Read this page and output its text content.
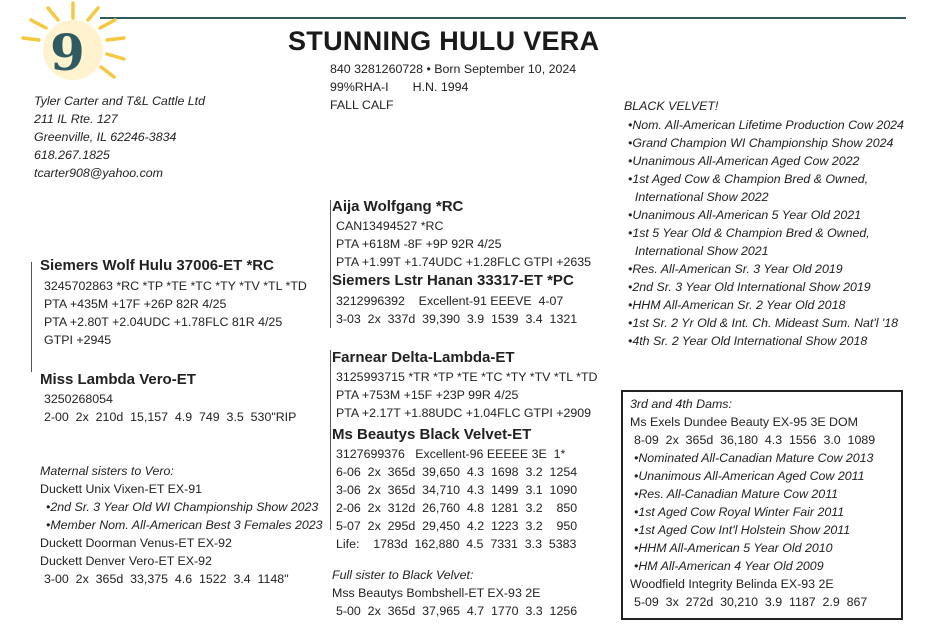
9	STUNNING HULU VERA
840 3281260728 • Born September 10, 2024
99%RHA-I       H.N. 1994
FALL CALF
Tyler Carter and T&L Cattle Ltd
211 IL Rte. 127
Greenville, IL 62246-3834
618.267.1825
tcarter908@yahoo.com
Siemers Wolf Hulu 37006-ET *RC
3245702863 *RC *TP *TE *TC *TY *TV *TL *TD
PTA +435M +17F +26P 82R 4/25
PTA +2.80T +2.04UDC +1.78FLC 81R 4/25
GTPI +2945
Aija Wolfgang *RC
CAN13494527 *RC
PTA +618M -8F +9P 92R 4/25
PTA +1.99T +1.74UDC +1.28FLC GTPI +2635
Siemers Lstr Hanan 33317-ET *PC
3212996392    Excellent-91 EEEVE  4-07
3-03  2x  337d  39,390  3.9  1539  3.4  1321
Miss Lambda Vero-ET
3250268054
2-00  2x  210d  15,157  4.9  749  3.5  530"RIP
Farnear Delta-Lambda-ET
3125993715 *TR *TP *TE *TC *TY *TV *TL *TD
PTA +753M +15F +23P 99R 4/25
PTA +2.17T +1.88UDC +1.04FLC GTPI +2909
Ms Beautys Black Velvet-ET
3127699376   Excellent-96 EEEEE 3E  1*
6-06  2x  365d  39,650  4.3  1698  3.2  1254
3-06  2x  365d  34,710  4.3  1499  3.1  1090
2-06  2x  312d  26,760  4.8  1281  3.2    850
5-07  2x  295d  29,450  4.2  1223  3.2    950
Life:    1783d  162,880  4.5  7331  3.3  5383
Maternal sisters to Vero:
Duckett Unix Vixen-ET EX-91
•2nd Sr. 3 Year Old WI Championship Show 2023
•Member Nom. All-American Best 3 Females 2023
Duckett Doorman Venus-ET EX-92
Duckett Denver Vero-ET EX-92
3-00  2x  365d  33,375  4.6  1522  3.4  1148"	Full sister to Black Velvet:
Mss Beautys Bombshell-ET EX-93 2E
5-00  2x  365d  37,965  4.7  1770  3.3  1256
BLACK VELVET!
•Nom. All-American Lifetime Production Cow 2024
•Grand Champion WI Championship Show 2024
•Unanimous All-American Aged Cow 2022
•1st Aged Cow & Champion Bred & Owned,
International Show 2022
•Unanimous All-American 5 Year Old 2021
•1st 5 Year Old & Champion Bred & Owned,
International Show 2021
•Res. All-American Sr. 3 Year Old 2019
•2nd Sr. 3 Year Old International Show 2019
•HHM All-American Sr. 2 Year Old 2018
•1st Sr. 2 Yr Old & Int. Ch. Mideast Sum. Nat'l '18
•4th Sr. 2 Year Old International Show 2018
3rd and 4th Dams:
Ms Exels Dundee Beauty EX-95 3E DOM
8-09  2x  365d  36,180  4.3  1556  3.0  1089
•Nominated All-Canadian Mature Cow 2013
•Unanimous All-American Aged Cow 2011
•Res. All-Canadian Mature Cow 2011
•1st Aged Cow Royal Winter Fair 2011
•1st Aged Cow Int'l Holstein Show 2011
•HHM All-American 5 Year Old 2010
•HM All-American 4 Year Old 2009
Woodfield Integrity Belinda EX-93 2E
5-09  3x  272d  30,210  3.9  1187  2.9  867
